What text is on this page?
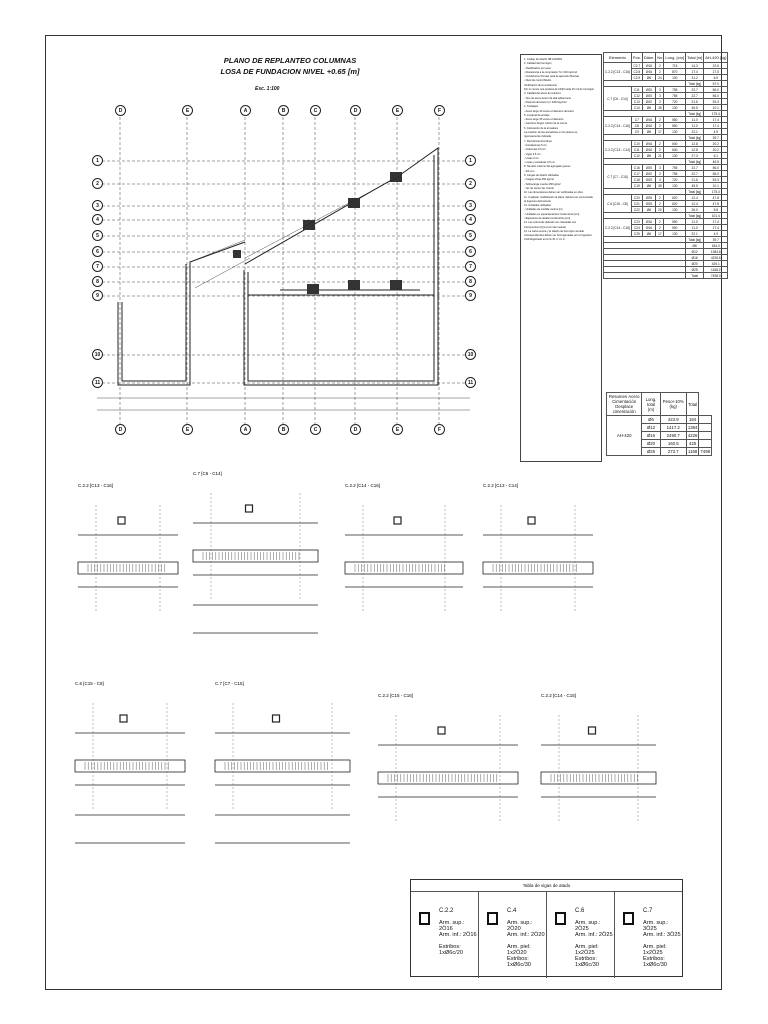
PLANO DE REPLANTEO COLUMNAS
LOSA DE FUNDACION NIVEL +0.65 [m]
Esc. 1:100
D	E	A	B	C	D	E	F
D	E	A	B	C	D	E	F
1
2
3
4
5
6
7
8
9
10
11
1
2
3
4
5
6
7
8
9
10
11
1. Codigo de diseño NB 1225001
2. Calidad del hormigon
- Clasificación por peso
- Resistencia a la compresión f'c= 210 kg/cm2
- Condiciones Previas para la ejecución Buenas
- Nivel de control Medio
Verificación de la resistencia
Por lo menos una probeta de 15/30 cada 15 m3 de hormigón
3. Calidad del acero de refuerzo
- Tipo de acero Acero de alta adherencia
- Fluencia del acero fy= 4200 kg/cm2
4. Traslapos
- Acero largo 40 veces el diámetro de barra
5. Longitud de anclaje
- Acero largo 35 veces el diámetro
- Ganchos Según criterio de la norma
6. Colocación de la armadura
La posición de las armaduras en los planos es
rigurosamente indicada
7. Recubrimientos libres
- Fundaciones 5 cm
- Columnas 2.5 cm
- Vigas 2.5 cm
- Losas 2 cm
- Losas y escaleras 2.5 cm
8. Tamaño máximo del agregado grueso
- 3/4 mm
9. Cargas de diseño utilizadas
- Cargas Vivas 250 kg/m2
- Sobrecarga muerta 150 kg/m2
- Ver de viento Ver criterio
10. Las dimensiones deben ser verificadas en obra
11. Cualquier modificación al plano, deberá ser comunicada
al Ingeniero Estructural
12. Unidades utilizadas
- Unidades de medida metros [m]
- Unidades en espaciamientos Centimetros [cm]
- Espesores de detalle Centimetros [cm]
13. Las columnas deberán ser colocadas con
instrumentos [3] (a 2 con las metras)
14. La carta sonora y el diseño de hormigón armado
correspondientes deben ser hormigonadas por el ingeniero
Civil Registrado en la S.I.B. C.I.C.C.
Elemento	Pos.	Diám.	No	Long. [cm]	Total [m]	AH-420 [kg]
C.2.2 [C13 - C16]	C2.7	Ø16	2	715	14.3	22.6
	C2.8	Ø16	2	870	17.4	27.5
	C2.9	Ø6	24	130	31.2	6.9
					Total [kg]	57.0
C.7 [C6 - C14]	C11	Ø20	3	755	22.7	56.0
	C12	Ø20	3	755	22.7	56.0
	C13	Ø20	3	720	21.6	53.3
	C14	Ø6	35	130	45.5	10.1
					Total [kg]	175.4
C.2.2 [C14 - C16]	C7	Ø16	2	550	11.0	17.4
	C8	Ø16	2	550	11.0	17.4
	C9	Ø6	17	130	22.1	4.9
					Total [kg]	39.7
C.2.2 [C13 - C14]	C10	Ø16	2	640	12.8	20.2
	C11	Ø16	2	640	12.8	20.2
	C12	Ø6	21	130	27.3	6.1
					Total [kg]	46.5
C.7 [C7 - C15]	C16	Ø20	3	755	22.7	56.0
	C17	Ø20	3	755	22.7	56.0
	C18	Ø20	3	720	21.6	53.3
	C19	Ø6	35	130	45.5	10.1
					Total [kg]	175.4
C.6 [C15 - C8]	C20	Ø25	2	620	12.4	47.8
	C21	Ø25	2	620	12.4	47.8
	C22	Ø6	20	130	26.0	5.8
					Total [kg]	101.4
C.2.2 [C14 - C15]	C23	Ø16	2	550	11.0	17.4
	C24	Ø16	2	550	11.0	17.4
	C25	Ø6	17	130	22.1	4.9
					Total [kg]	39.7
					Ø6	184.0
					Ø12	1384.6
					Ø16	4226.6
					Ø20	425.1
					Ø25	1168.2
					Total	7498.0
Resumen Acero Cimentación
Desplace cimentación	Long. total (m)	Peso+10% (kg)	Total	
AH-420	Ø6	423.9	184	
	Ø12	1417.2	1384	
	Ø16	2490.7	4226	
	Ø20	160.5	425	
	Ø25	273.7	1168	7498
C.2.2 [C13 - C16]
C.7 [C6 - C14]
C.2.2 [C14 - C16]	C.2.2 [C13 - C14]
C.6 [C15 - C8]	C.7 [C7 - C15]
C.2.2 [C15 - C16]	C.2.2 [C14 - C15]
Tabla de vigas de atado
C.2.2
Arm. sup.: 2Ö16
Arm. inf.: 2Ö16
Estribos: 1xØ6c/20
C.4
Arm. sup.: 2Ö20
Arm. inf.: 2Ö20
Arm. piel: 1x2Ö20
Estribos: 1xØ6c/30
C.6
Arm. sup.: 2Ö25
Arm. inf.: 2Ö25
Arm. piel: 1x2Ö25
Estribos: 1xØ6c/30
C.7
Arm. sup.: 3Ö25
Arm. inf.: 3Ö25
Arm. piel: 1x2Ö25
Estribos: 1xØ6c/30
